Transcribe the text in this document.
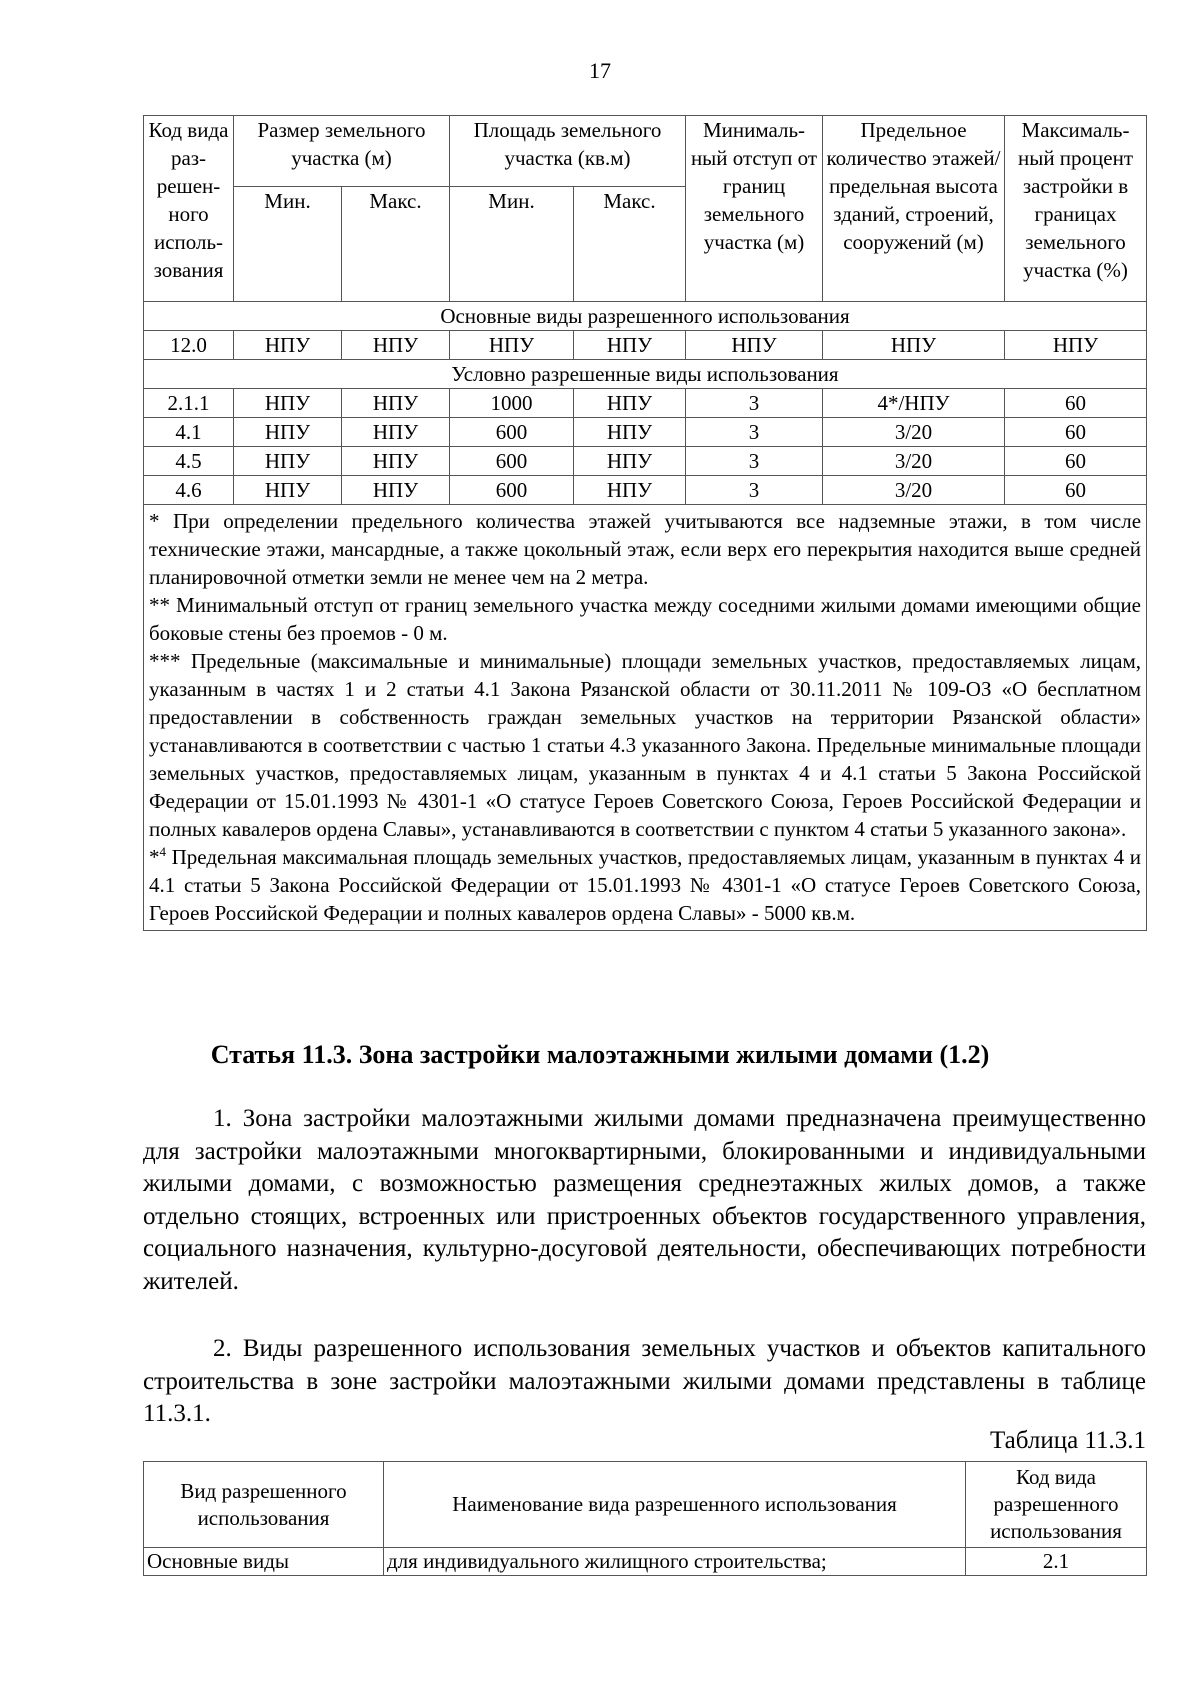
17
Код вида раз-решен-ного исполь-зования	Размер земельного участка (м)		Площадь земельного участка (кв.м)		Минималь-ный отступ от границ земельного участка (м)	Предельное количество этажей/ предельная высота зданий, строений, сооружений (м)	Максималь-ный процент застройки в границах земельного участка (%)
	Мин.	Макс.	Мин.	Макс.			
Основные виды разрешенного использования							
12.0	НПУ	НПУ	НПУ	НПУ	НПУ	НПУ	НПУ
Условно разрешенные виды использования							
2.1.1	НПУ	НПУ	1000	НПУ	3	4*/НПУ	60
4.1	НПУ	НПУ	600	НПУ	3	3/20	60
4.5	НПУ	НПУ	600	НПУ	3	3/20	60
4.6	НПУ	НПУ	600	НПУ	3	3/20	60

* При определении предельного количества этажей учитываются все надземные этажи, в том числе технические этажи, мансардные, а также цокольный этаж, если верх его перекрытия находится выше средней планировочной отметки земли не менее чем на 2 метра.

** Минимальный отступ от границ земельного участка между соседними жилыми домами имеющими общие боковые стены без проемов - 0 м.

*** Предельные (максимальные и минимальные) площади земельных участков, предоставляемых лицам, указанным в частях 1 и 2 статьи 4.1 Закона Рязанской области от 30.11.2011 № 109-ОЗ «О бесплатном предоставлении в собственность граждан земельных участков на территории Рязанской области» устанавливаются в соответствии с частью 1 статьи 4.3 указанного Закона. Предельные минимальные площади земельных участков, предоставляемых лицам, указанным в пунктах 4 и 4.1 статьи 5 Закона Российской Федерации от 15.01.1993 № 4301-1 «О статусе Героев Советского Союза, Героев Российской Федерации и полных кавалеров ордена Славы», устанавливаются в соответствии с пунктом 4 статьи 5 указанного закона».

*$^4$ Предельная максимальная площадь земельных участков, предоставляемых лицам, указанным в пунктах 4 и 4.1 статьи 5 Закона Российской Федерации от 15.01.1993 № 4301-1 «О статусе Героев Советского Союза, Героев Российской Федерации и полных кавалеров ордена Славы» - 5000 кв.м.							

Статья 11.3. Зона застройки малоэтажными жилыми домами (1.2)

1. Зона застройки малоэтажными жилыми домами предназначена преимущественно для застройки малоэтажными многоквартирными, блокированными и индивидуальными жилыми домами, с возможностью размещения среднеэтажных жилых домов, а также отдельно стоящих, встроенных или пристроенных объектов государственного управления, социального назначения, культурно-досуговой деятельности, обеспечивающих потребности жителей.

2. Виды разрешенного использования земельных участков и объектов капитального строительства в зоне застройки малоэтажными жилыми домами представлены в таблице 11.3.1.

Таблица 11.3.1
Вид разрешенного использования	Наименование вида разрешенного использования	Код вида разрешенного использования
Основные виды	для индивидуального жилищного строительства;	2.1
